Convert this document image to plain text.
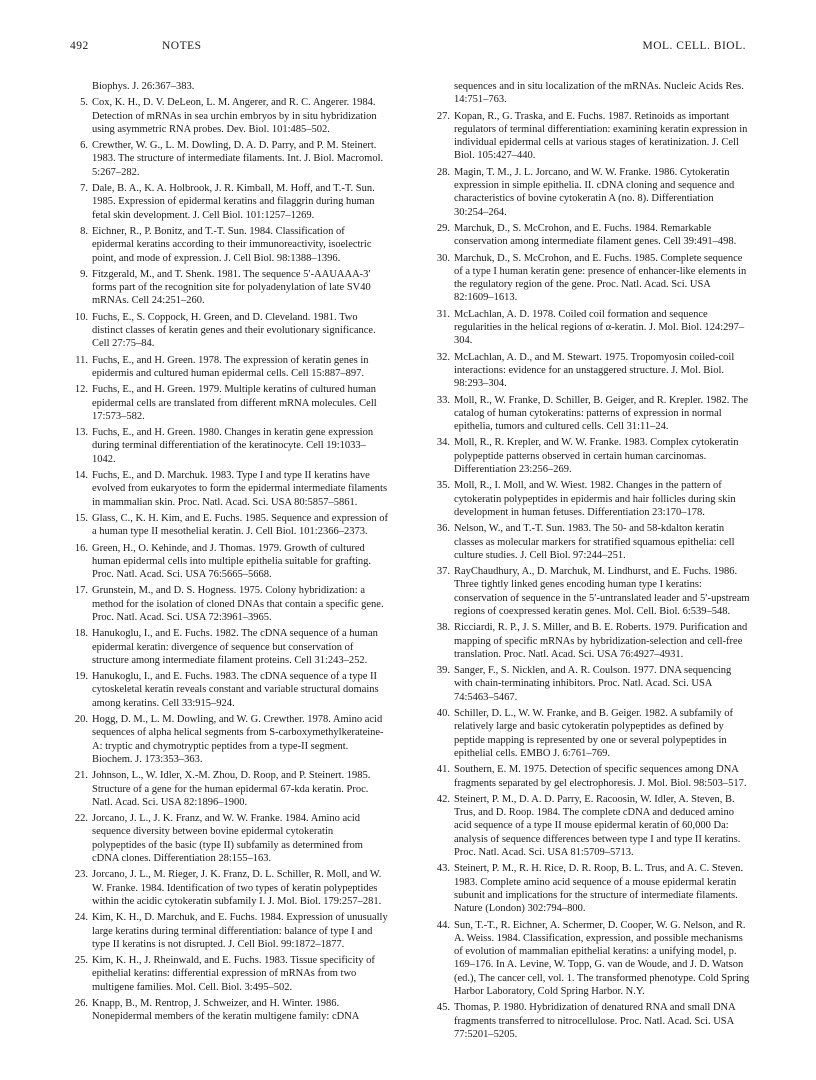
492	NOTES	MOL. CELL. BIOL.

Biophys. J. 26:367–383.

5. Cox, K. H., D. V. DeLeon, L. M. Angerer, and R. C. Angerer. 1984. Detection of mRNAs in sea urchin embryos by in situ hybridization using asymmetric RNA probes. Dev. Biol. 101:485–502.

6. Crewther, W. G., L. M. Dowling, D. A. D. Parry, and P. M. Steinert. 1983. The structure of intermediate filaments. Int. J. Biol. Macromol. 5:267–282.

7. Dale, B. A., K. A. Holbrook, J. R. Kimball, M. Hoff, and T.-T. Sun. 1985. Expression of epidermal keratins and filaggrin during human fetal skin development. J. Cell Biol. 101:1257–1269.

8. Eichner, R., P. Bonitz, and T.-T. Sun. 1984. Classification of epidermal keratins according to their immunoreactivity, isoelectric point, and mode of expression. J. Cell Biol. 98:1388–1396.

9. Fitzgerald, M., and T. Shenk. 1981. The sequence 5′-AAUAAA-3′ forms part of the recognition site for polyadenylation of late SV40 mRNAs. Cell 24:251–260.

10. Fuchs, E., S. Coppock, H. Green, and D. Cleveland. 1981. Two distinct classes of keratin genes and their evolutionary significance. Cell 27:75–84.

11. Fuchs, E., and H. Green. 1978. The expression of keratin genes in epidermis and cultured human epidermal cells. Cell 15:887–897.

12. Fuchs, E., and H. Green. 1979. Multiple keratins of cultured human epidermal cells are translated from different mRNA molecules. Cell 17:573–582.

13. Fuchs, E., and H. Green. 1980. Changes in keratin gene expression during terminal differentiation of the keratinocyte. Cell 19:1033–1042.

14. Fuchs, E., and D. Marchuk. 1983. Type I and type II keratins have evolved from eukaryotes to form the epidermal intermediate filaments in mammalian skin. Proc. Natl. Acad. Sci. USA 80:5857–5861.

15. Glass, C., K. H. Kim, and E. Fuchs. 1985. Sequence and expression of a human type II mesothelial keratin. J. Cell Biol. 101:2366–2373.

16. Green, H., O. Kehinde, and J. Thomas. 1979. Growth of cultured human epidermal cells into multiple epithelia suitable for grafting. Proc. Natl. Acad. Sci. USA 76:5665–5668.

17. Grunstein, M., and D. S. Hogness. 1975. Colony hybridization: a method for the isolation of cloned DNAs that contain a specific gene. Proc. Natl. Acad. Sci. USA 72:3961–3965.

18. Hanukoglu, I., and E. Fuchs. 1982. The cDNA sequence of a human epidermal keratin: divergence of sequence but conservation of structure among intermediate filament proteins. Cell 31:243–252.

19. Hanukoglu, I., and E. Fuchs. 1983. The cDNA sequence of a type II cytoskeletal keratin reveals constant and variable structural domains among keratins. Cell 33:915–924.

20. Hogg, D. M., L. M. Dowling, and W. G. Crewther. 1978. Amino acid sequences of alpha helical segments from S-carboxymethylkerateine-A: tryptic and chymotryptic peptides from a type-II segment. Biochem. J. 173:353–363.

21. Johnson, L., W. Idler, X.-M. Zhou, D. Roop, and P. Steinert. 1985. Structure of a gene for the human epidermal 67-kda keratin. Proc. Natl. Acad. Sci. USA 82:1896–1900.

22. Jorcano, J. L., J. K. Franz, and W. W. Franke. 1984. Amino acid sequence diversity between bovine epidermal cytokeratin polypeptides of the basic (type II) subfamily as determined from cDNA clones. Differentiation 28:155–163.

23. Jorcano, J. L., M. Rieger, J. K. Franz, D. L. Schiller, R. Moll, and W. W. Franke. 1984. Identification of two types of keratin polypeptides within the acidic cytokeratin subfamily I. J. Mol. Biol. 179:257–281.

24. Kim, K. H., D. Marchuk, and E. Fuchs. 1984. Expression of unusually large keratins during terminal differentiation: balance of type I and type II keratins is not disrupted. J. Cell Biol. 99:1872–1877.

25. Kim, K. H., J. Rheinwald, and E. Fuchs. 1983. Tissue specificity of epithelial keratins: differential expression of mRNAs from two multigene families. Mol. Cell. Biol. 3:495–502.

26. Knapp, B., M. Rentrop, J. Schweizer, and H. Winter. 1986. Nonepidermal members of the keratin multigene family: cDNA

sequences and in situ localization of the mRNAs. Nucleic Acids Res. 14:751–763.

27. Kopan, R., G. Traska, and E. Fuchs. 1987. Retinoids as important regulators of terminal differentiation: examining keratin expression in individual epidermal cells at various stages of keratinization. J. Cell Biol. 105:427–440.

28. Magin, T. M., J. L. Jorcano, and W. W. Franke. 1986. Cytokeratin expression in simple epithelia. II. cDNA cloning and sequence and characteristics of bovine cytokeratin A (no. 8). Differentiation 30:254–264.

29. Marchuk, D., S. McCrohon, and E. Fuchs. 1984. Remarkable conservation among intermediate filament genes. Cell 39:491–498.

30. Marchuk, D., S. McCrohon, and E. Fuchs. 1985. Complete sequence of a type I human keratin gene: presence of enhancer-like elements in the regulatory region of the gene. Proc. Natl. Acad. Sci. USA 82:1609–1613.

31. McLachlan, A. D. 1978. Coiled coil formation and sequence regularities in the helical regions of α-keratin. J. Mol. Biol. 124:297–304.

32. McLachlan, A. D., and M. Stewart. 1975. Tropomyosin coiled-coil interactions: evidence for an unstaggered structure. J. Mol. Biol. 98:293–304.

33. Moll, R., W. Franke, D. Schiller, B. Geiger, and R. Krepler. 1982. The catalog of human cytokeratins: patterns of expression in normal epithelia, tumors and cultured cells. Cell 31:11–24.

34. Moll, R., R. Krepler, and W. W. Franke. 1983. Complex cytokeratin polypeptide patterns observed in certain human carcinomas. Differentiation 23:256–269.

35. Moll, R., I. Moll, and W. Wiest. 1982. Changes in the pattern of cytokeratin polypeptides in epidermis and hair follicles during skin development in human fetuses. Differentiation 23:170–178.

36. Nelson, W., and T.-T. Sun. 1983. The 50- and 58-kdalton keratin classes as molecular markers for stratified squamous epithelia: cell culture studies. J. Cell Biol. 97:244–251.

37. RayChaudhury, A., D. Marchuk, M. Lindhurst, and E. Fuchs. 1986. Three tightly linked genes encoding human type I keratins: conservation of sequence in the 5′-untranslated leader and 5′-upstream regions of coexpressed keratin genes. Mol. Cell. Biol. 6:539–548.

38. Ricciardi, R. P., J. S. Miller, and B. E. Roberts. 1979. Purification and mapping of specific mRNAs by hybridization-selection and cell-free translation. Proc. Natl. Acad. Sci. USA 76:4927–4931.

39. Sanger, F., S. Nicklen, and A. R. Coulson. 1977. DNA sequencing with chain-terminating inhibitors. Proc. Natl. Acad. Sci. USA 74:5463–5467.

40. Schiller, D. L., W. W. Franke, and B. Geiger. 1982. A subfamily of relatively large and basic cytokeratin polypeptides as defined by peptide mapping is represented by one or several polypeptides in epithelial cells. EMBO J. 6:761–769.

41. Southern, E. M. 1975. Detection of specific sequences among DNA fragments separated by gel electrophoresis. J. Mol. Biol. 98:503–517.

42. Steinert, P. M., D. A. D. Parry, E. Racoosin, W. Idler, A. Steven, B. Trus, and D. Roop. 1984. The complete cDNA and deduced amino acid sequence of a type II mouse epidermal keratin of 60,000 Da: analysis of sequence differences between type I and type II keratins. Proc. Natl. Acad. Sci. USA 81:5709–5713.

43. Steinert, P. M., R. H. Rice, D. R. Roop, B. L. Trus, and A. C. Steven. 1983. Complete amino acid sequence of a mouse epidermal keratin subunit and implications for the structure of intermediate filaments. Nature (London) 302:794–800.

44. Sun, T.-T., R. Eichner, A. Schermer, D. Cooper, W. G. Nelson, and R. A. Weiss. 1984. Classification, expression, and possible mechanisms of evolution of mammalian epithelial keratins: a unifying model, p. 169–176. In A. Levine, W. Topp, G. van de Woude, and J. D. Watson (ed.), The cancer cell, vol. 1. The transformed phenotype. Cold Spring Harbor Laboratory, Cold Spring Harbor. N.Y.

45. Thomas, P. 1980. Hybridization of denatured RNA and small DNA fragments transferred to nitrocellulose. Proc. Natl. Acad. Sci. USA 77:5201–5205.
